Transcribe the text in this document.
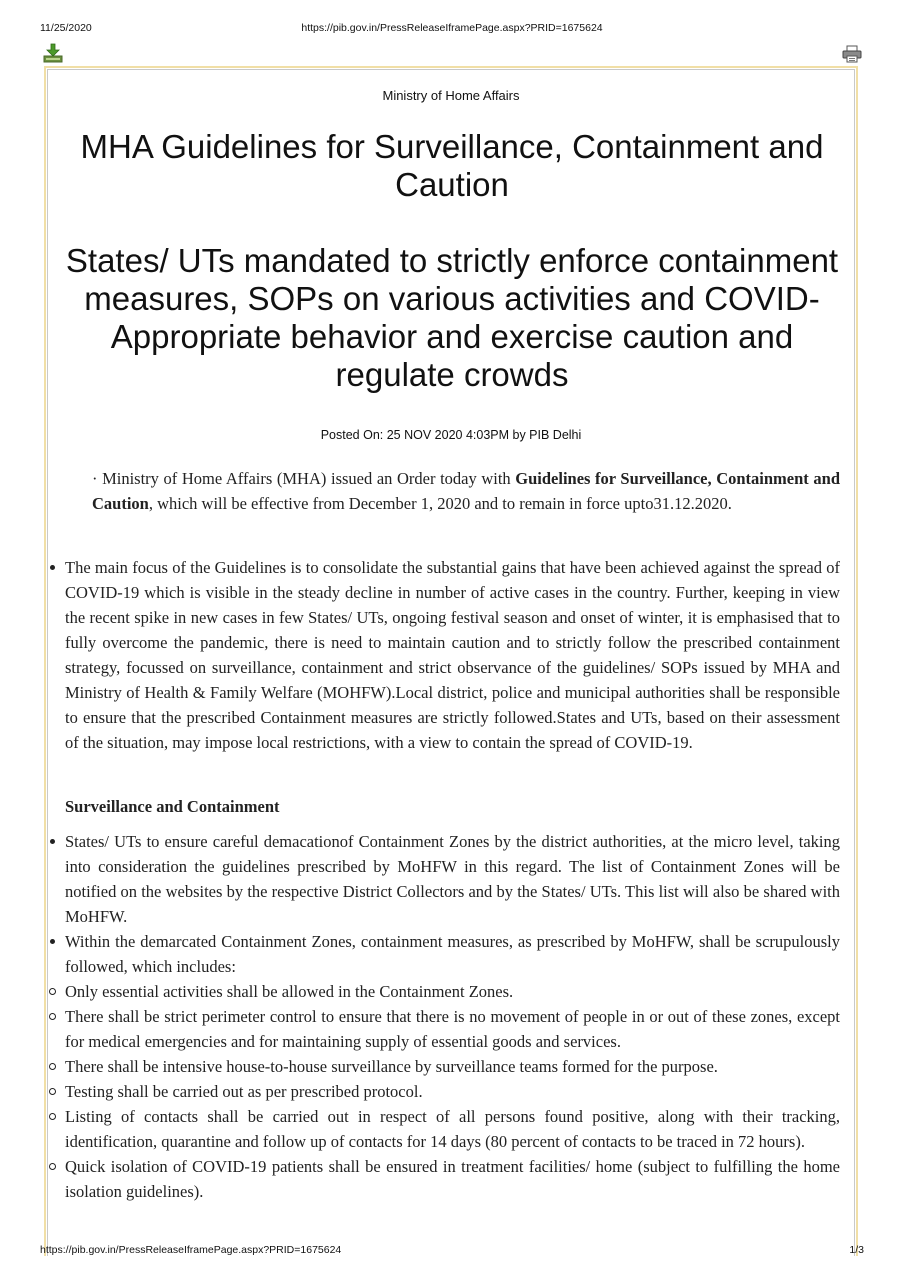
11/25/2020	https://pib.gov.in/PressReleaseIframePage.aspx?PRID=1675624
Ministry of Home Affairs
MHA Guidelines for Surveillance, Containment and Caution
States/ UTs mandated to strictly enforce containment measures, SOPs on various activities and COVID-Appropriate behavior and exercise caution and regulate crowds
Posted On: 25 NOV 2020 4:03PM by PIB Delhi
· Ministry of Home Affairs (MHA) issued an Order today with Guidelines for Surveillance, Containment and Caution, which will be effective from December 1, 2020 and to remain in force upto31.12.2020.
The main focus of the Guidelines is to consolidate the substantial gains that have been achieved against the spread of COVID-19 which is visible in the steady decline in number of active cases in the country. Further, keeping in view the recent spike in new cases in few States/ UTs, ongoing festival season and onset of winter, it is emphasised that to fully overcome the pandemic, there is need to maintain caution and to strictly follow the prescribed containment strategy, focussed on surveillance, containment and strict observance of the guidelines/ SOPs issued by MHA and Ministry of Health & Family Welfare (MOHFW).Local district, police and municipal authorities shall be responsible to ensure that the prescribed Containment measures are strictly followed.States and UTs, based on their assessment of the situation, may impose local restrictions, with a view to contain the spread of COVID-19.
Surveillance and Containment
States/ UTs to ensure careful demacationof Containment Zones by the district authorities, at the micro level, taking into consideration the guidelines prescribed by MoHFW in this regard. The list of Containment Zones will be notified on the websites by the respective District Collectors and by the States/ UTs. This list will also be shared with MoHFW.
Within the demarcated Containment Zones, containment measures, as prescribed by MoHFW, shall be scrupulously followed, which includes:
Only essential activities shall be allowed in the Containment Zones.
There shall be strict perimeter control to ensure that there is no movement of people in or out of these zones, except for medical emergencies and for maintaining supply of essential goods and services.
There shall be intensive house-to-house surveillance by surveillance teams formed for the purpose.
Testing shall be carried out as per prescribed protocol.
Listing of contacts shall be carried out in respect of all persons found positive, along with their tracking, identification, quarantine and follow up of contacts for 14 days (80 percent of contacts to be traced in 72 hours).
Quick isolation of COVID-19 patients shall be ensured in treatment facilities/ home (subject to fulfilling the home isolation guidelines).
https://pib.gov.in/PressReleaseIframePage.aspx?PRID=1675624	1/3
